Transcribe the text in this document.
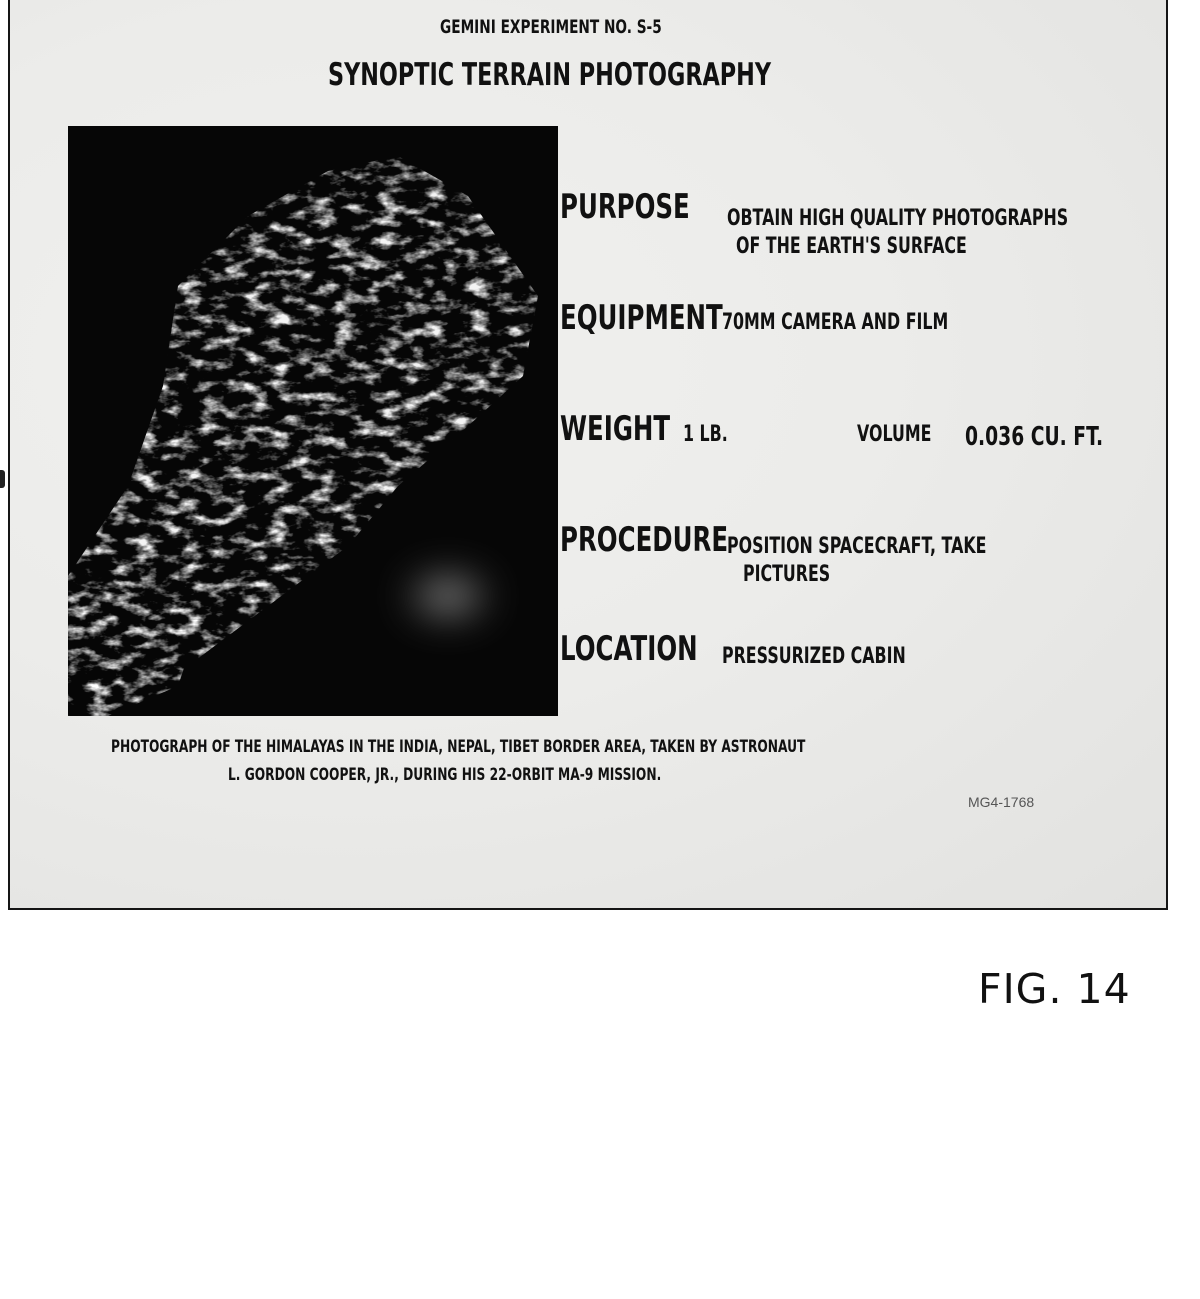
GEMINI EXPERIMENT NO. S-5

SYNOPTIC TERRAIN PHOTOGRAPHY

PURPOSE OBTAIN HIGH QUALITY PHOTOGRAPHS

OF THE EARTH'S SURFACE

EQUIPMENT 70MM CAMERA AND FILM

WEIGHT 1 LB.	VOLUME 0.036 CU. FT.

PROCEDURE

POSITION SPACECRAFT, TAKE

PICTURES

LOCATION PRESSURIZED CABIN

PHOTOGRAPH OF THE HIMALAYAS IN THE INDIA, NEPAL, TIBET BORDER AREA, TAKEN BY ASTRONAUT

L. GORDON COOPER, JR., DURING HIS 22-ORBIT MA-9 MISSION.

MG4-1768

FIG. 14
